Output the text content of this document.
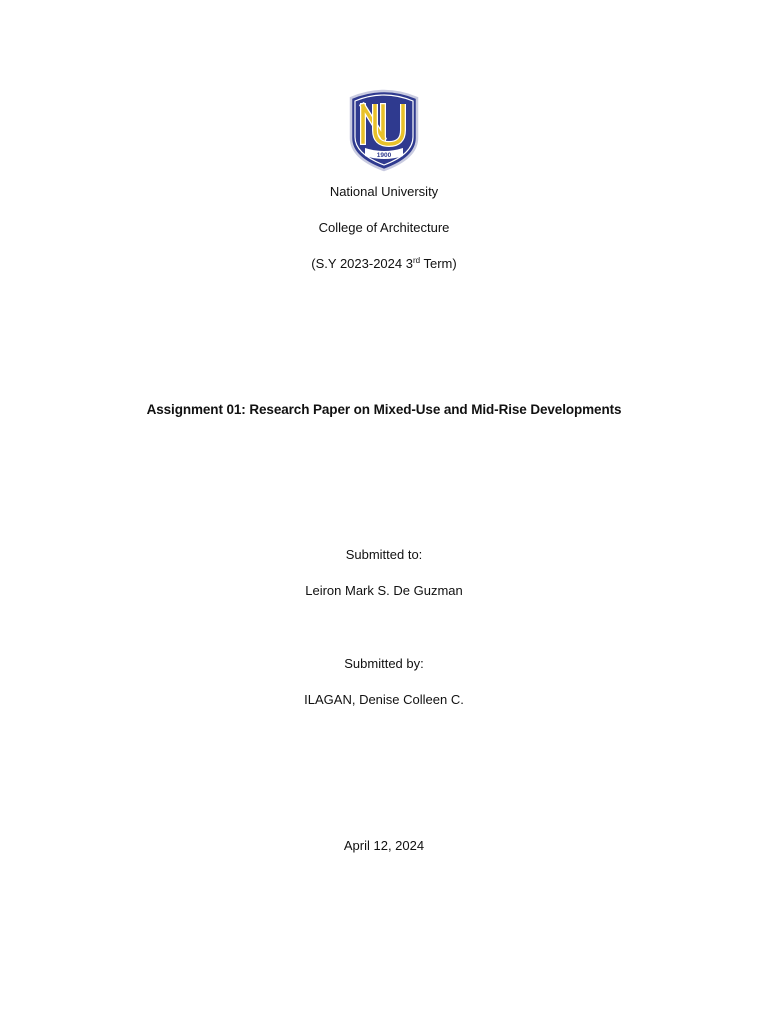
1900
National University
College of Architecture
(S.Y 2023-2024 3rd Term)
Assignment 01: Research Paper on Mixed-Use and Mid-Rise Developments
Submitted to:
Leiron Mark S. De Guzman
Submitted by:
ILAGAN, Denise Colleen C.
April 12, 2024
